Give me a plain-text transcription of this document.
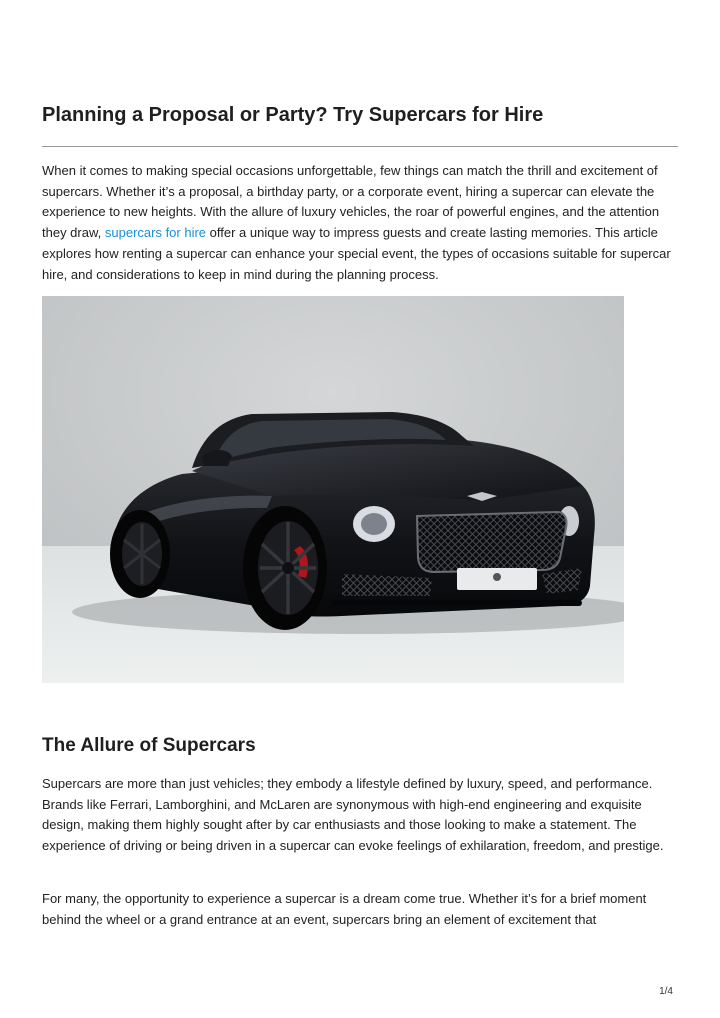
Planning a Proposal or Party? Try Supercars for Hire

When it comes to making special occasions unforgettable, few things can match the thrill and excitement of supercars. Whether it’s a proposal, a birthday party, or a corporate event, hiring a supercar can elevate the experience to new heights. With the allure of luxury vehicles, the roar of powerful engines, and the attention they draw, supercars for hire offer a unique way to impress guests and create lasting memories. This article explores how renting a supercar can enhance your special event, the types of occasions suitable for supercar hire, and considerations to keep in mind during the planning process.

The Allure of Supercars

Supercars are more than just vehicles; they embody a lifestyle defined by luxury, speed, and performance. Brands like Ferrari, Lamborghini, and McLaren are synonymous with high-end engineering and exquisite design, making them highly sought after by car enthusiasts and those looking to make a statement. The experience of driving or being driven in a supercar can evoke feelings of exhilaration, freedom, and prestige.

For many, the opportunity to experience a supercar is a dream come true. Whether it’s for a brief moment behind the wheel or a grand entrance at an event, supercars bring an element of excitement that

1/4
